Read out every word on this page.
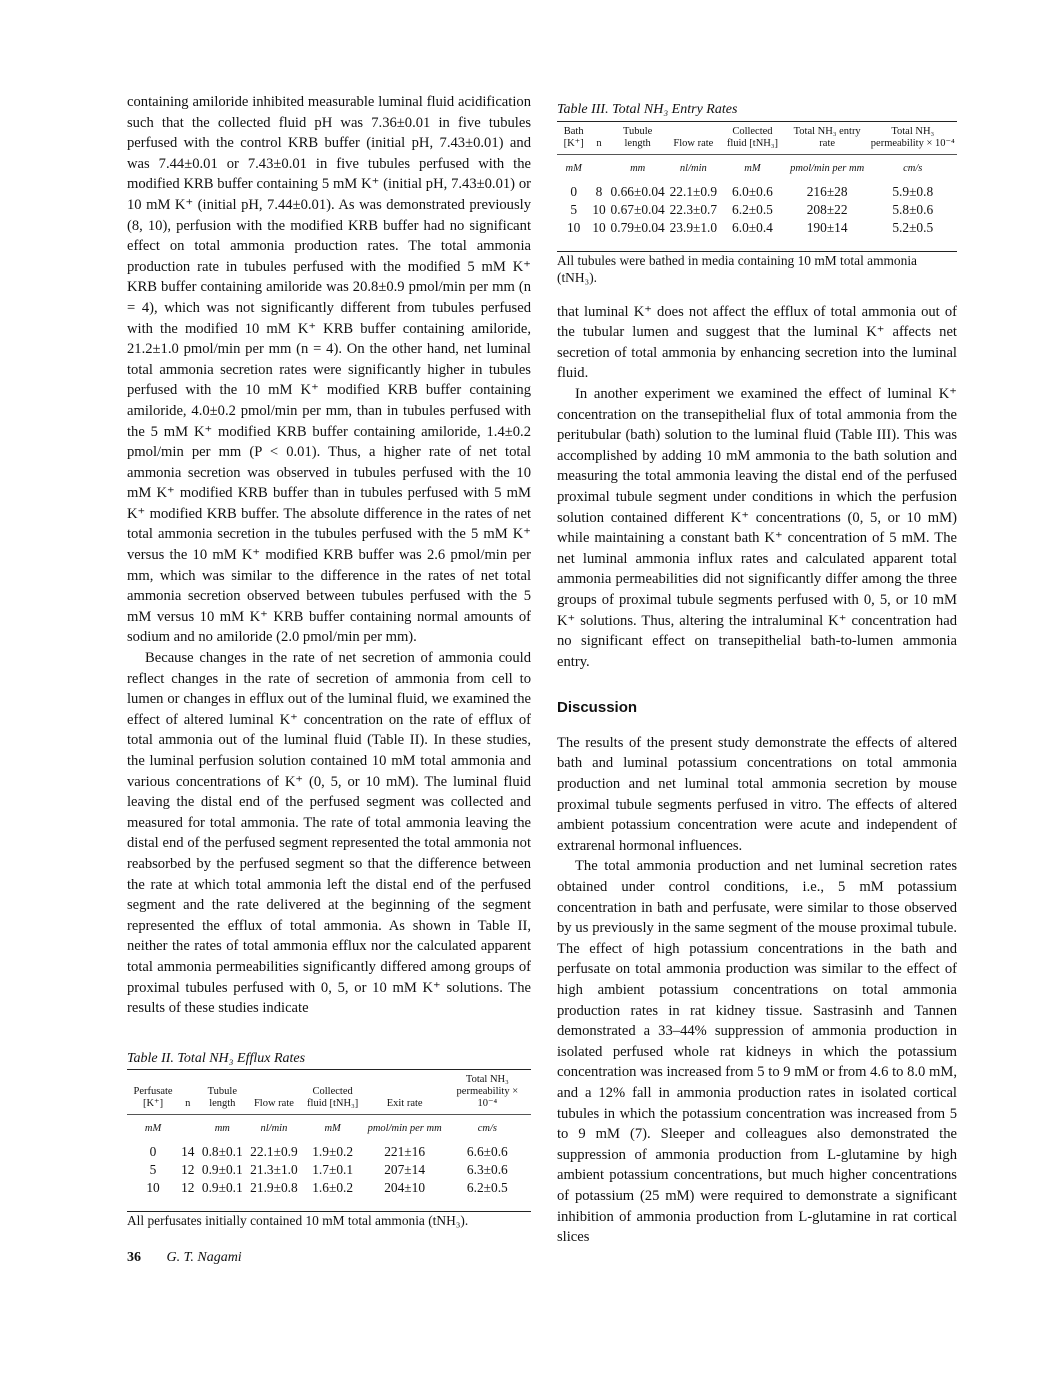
containing amiloride inhibited measurable luminal fluid acidification such that the collected fluid pH was 7.36±0.01 in five tubules perfused with the control KRB buffer (initial pH, 7.43±0.01) and was 7.44±0.01 or 7.43±0.01 in five tubules perfused with the modified KRB buffer containing 5 mM K⁺ (initial pH, 7.43±0.01) or 10 mM K⁺ (initial pH, 7.44±0.01). As was demonstrated previously (8, 10), perfusion with the modified KRB buffer had no significant effect on total ammonia production rates. The total ammonia production rate in tubules perfused with the modified 5 mM K⁺ KRB buffer containing amiloride was 20.8±0.9 pmol/min per mm (n = 4), which was not significantly different from tubules perfused with the modified 10 mM K⁺ KRB buffer containing amiloride, 21.2±1.0 pmol/min per mm (n = 4). On the other hand, net luminal total ammonia secretion rates were significantly higher in tubules perfused with the 10 mM K⁺ modified KRB buffer containing amiloride, 4.0±0.2 pmol/min per mm, than in tubules perfused with the 5 mM K⁺ modified KRB buffer containing amiloride, 1.4±0.2 pmol/min per mm (P < 0.01). Thus, a higher rate of net total ammonia secretion was observed in tubules perfused with the 10 mM K⁺ modified KRB buffer than in tubules perfused with 5 mM K⁺ modified KRB buffer. The absolute difference in the rates of net total ammonia secretion in the tubules perfused with the 5 mM K⁺ versus the 10 mM K⁺ modified KRB buffer was 2.6 pmol/min per mm, which was similar to the difference in the rates of net total ammonia secretion observed between tubules perfused with the 5 mM versus 10 mM K⁺ KRB buffer containing normal amounts of sodium and no amiloride (2.0 pmol/min per mm).

Because changes in the rate of net secretion of ammonia could reflect changes in the rate of secretion of ammonia from cell to lumen or changes in efflux out of the luminal fluid, we examined the effect of altered luminal K⁺ concentration on the rate of efflux of total ammonia out of the luminal fluid (Table II). In these studies, the luminal perfusion solution contained 10 mM total ammonia and various concentrations of K⁺ (0, 5, or 10 mM). The luminal fluid leaving the distal end of the perfused segment was collected and measured for total ammonia. The rate of total ammonia leaving the distal end of the perfused segment represented the total ammonia not reabsorbed by the perfused segment so that the difference between the rate at which total ammonia left the distal end of the perfused segment and the rate delivered at the beginning of the segment represented the efflux of total ammonia. As shown in Table II, neither the rates of total ammonia efflux nor the calculated apparent total ammonia permeabilities significantly differed among groups of proximal tubules perfused with 0, 5, or 10 mM K⁺ solutions. The results of these studies indicate

Table II. Total NH₃ Efflux Rates

Perfusate [K⁺]	n	Tubule length	Flow rate	Collected fluid [tNH₃]	Exit rate	Total NH₃ permeability × 10⁻⁴
mM		mm	nl/min	mM	pmol/min per mm	cm/s
0	14	0.8±0.1	22.1±0.9	1.9±0.2	221±16	6.6±0.6
5	12	0.9±0.1	21.3±1.0	1.7±0.1	207±14	6.3±0.6
10	12	0.9±0.1	21.9±0.8	1.6±0.2	204±10	6.2±0.5

All perfusates initially contained 10 mM total ammonia (tNH₃).

Table III. Total NH₃ Entry Rates

Bath [K⁺]	n	Tubule length	Flow rate	Collected fluid [tNH₃]	Total NH₃ entry rate	Total NH₃ permeability × 10⁻⁴
mM		mm	nl/min	mM	pmol/min per mm	cm/s
0	8	0.66±0.04	22.1±0.9	6.0±0.6	216±28	5.9±0.8
5	10	0.67±0.04	22.3±0.7	6.2±0.5	208±22	5.8±0.6
10	10	0.79±0.04	23.9±1.0	6.0±0.4	190±14	5.2±0.5

All tubules were bathed in media containing 10 mM total ammonia (tNH₃).

that luminal K⁺ does not affect the efflux of total ammonia out of the tubular lumen and suggest that the luminal K⁺ affects net secretion of total ammonia by enhancing secretion into the luminal fluid.

In another experiment we examined the effect of luminal K⁺ concentration on the transepithelial flux of total ammonia from the peritubular (bath) solution to the luminal fluid (Table III). This was accomplished by adding 10 mM ammonia to the bath solution and measuring the total ammonia leaving the distal end of the perfused proximal tubule segment under conditions in which the perfusion solution contained different K⁺ concentrations (0, 5, or 10 mM) while maintaining a constant bath K⁺ concentration of 5 mM. The net luminal ammonia influx rates and calculated apparent total ammonia permeabilities did not significantly differ among the three groups of proximal tubule segments perfused with 0, 5, or 10 mM K⁺ solutions. Thus, altering the intraluminal K⁺ concentration had no significant effect on transepithelial bath-to-lumen ammonia entry.

Discussion

The results of the present study demonstrate the effects of altered bath and luminal potassium concentrations on total ammonia production and net luminal total ammonia secretion by mouse proximal tubule segments perfused in vitro. The effects of altered ambient potassium concentration were acute and independent of extrarenal hormonal influences.

The total ammonia production and net luminal secretion rates obtained under control conditions, i.e., 5 mM potassium concentration in bath and perfusate, were similar to those observed by us previously in the same segment of the mouse proximal tubule. The effect of high potassium concentrations in the bath and perfusate on total ammonia production was similar to the effect of high ambient potassium concentrations on total ammonia production rates in rat kidney tissue. Sastrasinh and Tannen demonstrated a 33–44% suppression of ammonia production in isolated perfused whole rat kidneys in which the potassium concentration was increased from 5 to 9 mM or from 4.6 to 8.0 mM, and a 12% fall in ammonia production rates in isolated cortical tubules in which the potassium concentration was increased from 5 to 9 mM (7). Sleeper and colleagues also demonstrated the suppression of ammonia production from L-glutamine by high ambient potassium concentrations, but much higher concentrations of potassium (25 mM) were required to demonstrate a significant inhibition of ammonia production from L-glutamine in rat cortical slices

36 G. T. Nagami
